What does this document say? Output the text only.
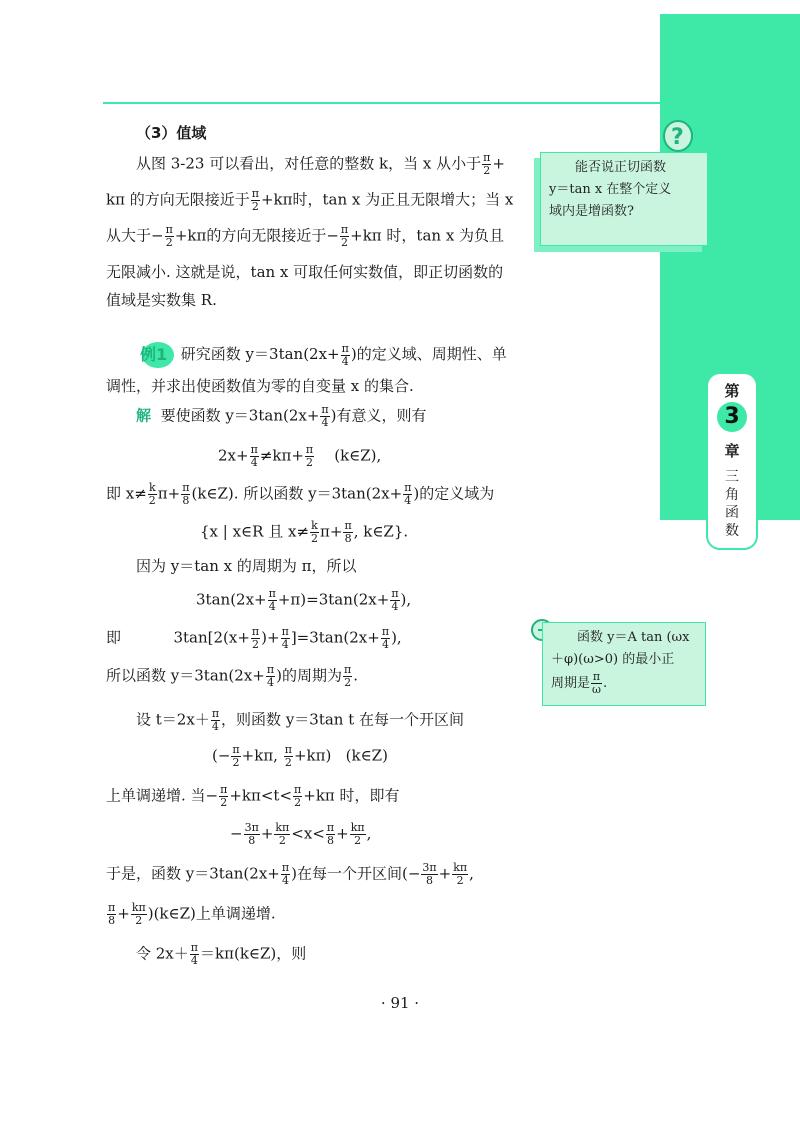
第
3
章
三
角
函
数
?
能否说正切函数
y＝tan x 在整个定义
域内是增函数?
函数 y＝A tan (ωx
＋φ)(ω>0) 的最小正
周期是 $\frac{\pi}{\omega}$ .
（3）值域
从图 3-23 可以看出，对任意的整数 k，当 x 从小于 $\frac{\pi}{2}$ +
kπ 的方向无限接近于 $\frac{\pi}{2} +k\pi$时，tan x 为正且无限增大；当 x
从大于− $\frac{\pi}{2} +k\pi$的方向无限接近于− $\frac{\pi}{2} +k\pi$ 时，tan x 为负且
无限减小. 这就是说，tan x 可取任何实数值，即正切函数的
值域是实数集 R.
例1 研究函数 $y=3\tan(2x+ \frac{\pi}{4}$ )的定义域、周期性、单
调性，并求出使函数值为零的自变量 x 的集合.
解 要使函数 $y=3\tan(2x+ \frac{\pi}{4}$ )有意义，则有
$2x+ \frac{\pi}{4} \ne k\pi+ \frac{\pi}{2}$ (k∈Z),
即 $x\ne \frac{k}{2} \pi+ \frac{\pi}{8}$ (k∈Z). 所以函数 $y=3\tan(2x+ \frac{\pi}{4}$ )的定义域为
{x | x∈R 且 $x\ne \frac{k}{2} \pi+ \frac{\pi}{8}$ , k∈Z}.
因为 y＝tan x 的周期为 π，所以
$3\tan(2x+ \frac{\pi}{4} +\pi)=3\tan(2x+ \frac{\pi}{4}$ ),
即           $3\tan[2(x+ \frac{\pi}{2}$ )+ $\frac{\pi}{4} ]=3\tan(2x+ \frac{\pi}{4}$ ),
所以函数 $y=3\tan(2x+ \frac{\pi}{4}$ )的周期为 $\frac{\pi}{2}$ .
设 $t=2x+ \frac{\pi}{4}$ ，则函数 y＝3tan t 在每一个开区间
(− $\frac{\pi}{2} +k\pi$, $\frac{\pi}{2} +k\pi$)   (k∈Z)
上单调递增. 当− $\frac{\pi}{2} +k\pi<t< \frac{\pi}{2} +k\pi$ 时，即有
− $\frac{3\pi}{8} + \frac{k\pi}{2} <x< \frac{\pi}{8} + \frac{k\pi}{2}$ ,
于是，函数 $y=3\tan(2x+ \frac{\pi}{4}$ )在每一个开区间(− $\frac{3\pi}{8} + \frac{k\pi}{2}$ ,
$\frac{\pi}{8} + \frac{k\pi}{2}$ )(k∈Z)上单调递增.
令 $2x+ \frac{\pi}{4}$ ＝kπ(k∈Z)，则
· 91 ·
